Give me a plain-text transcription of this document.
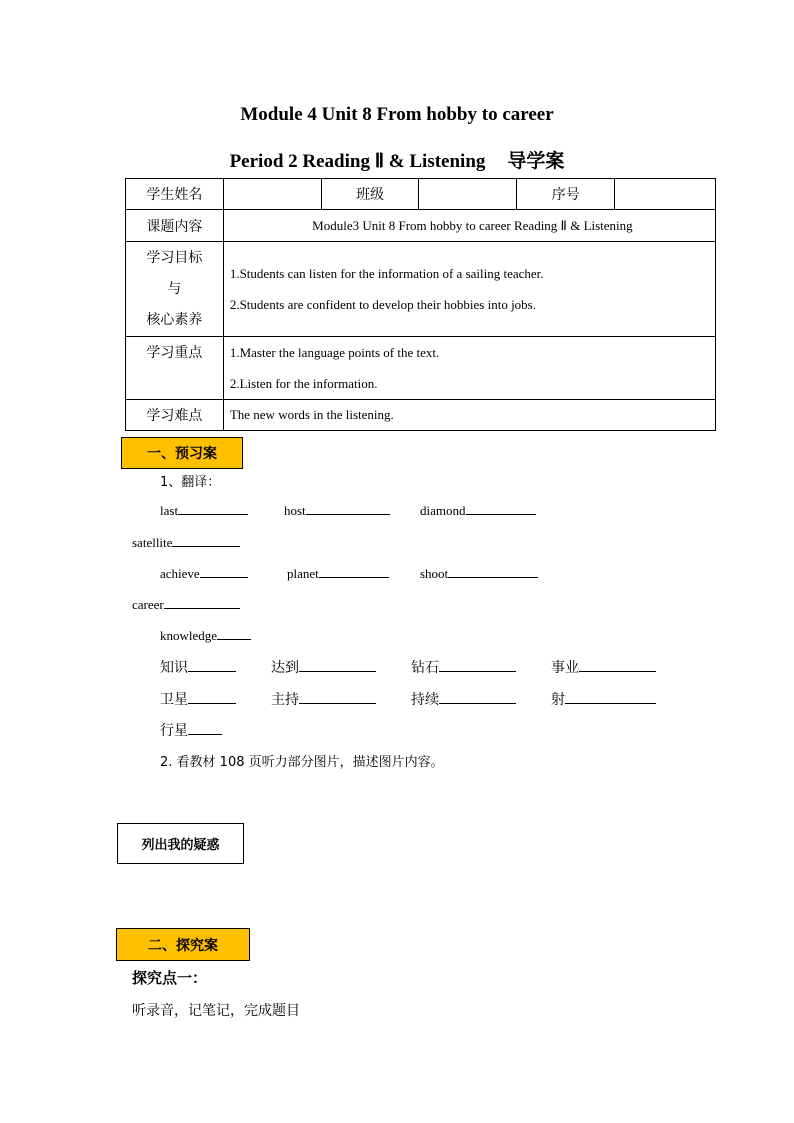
Module 4 Unit 8 From hobby to career
Period 2 Reading Ⅱ & Listening 导学案
学生姓名		班级		序号	
课题内容	Module3 Unit 8 From hobby to career Reading Ⅱ & Listening				

学习目标
与
核心素养	1.Students can listen for the information of a sailing teacher.
2.Students are confident to develop their hobbies into jobs.				

学习重点	1.Master the language points of the text.
2.Listen for the information.				

学习难点	The new words in the listening.				
一、预习案
1、翻译：
last	host	diamond
satellite
achieve	planet	shoot
career
knowledge
知识	达到	钻石	事业
卫星	主持	持续	射
行星
2. 看教材 108 页听力部分图片，描述图片内容。
列出我的疑惑
二、探究案
探究点一：
听录音，记笔记，完成题目
